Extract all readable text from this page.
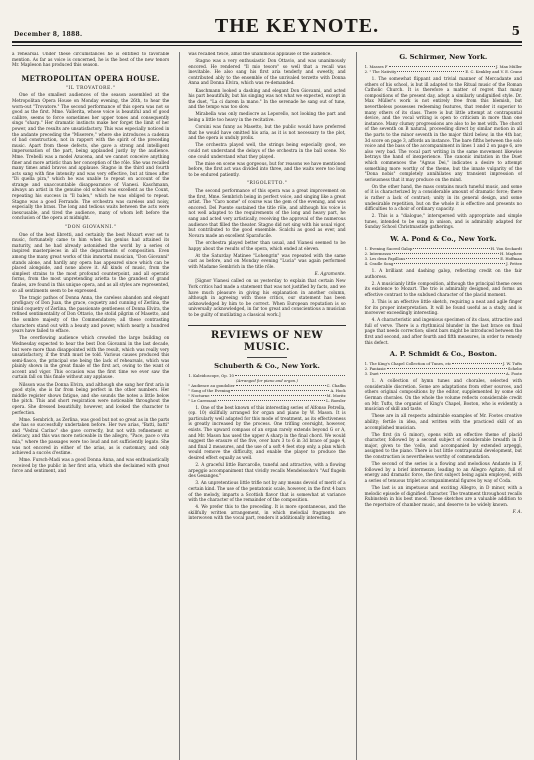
December 8, 1888.	THE KEYNOTE.	5

a rehearsal. Under these circumstances he is entitled to favorable mention. As far as voice is concerned, he is the best of the new tenors Mr. Mapleson has produced this season.

METROPOLITAN OPERA HOUSE.
"IL TROVATORE."

One of the smallest audiences of the season assembled at the Metropolitan Opera House on Monday evening, the 26th, to hear the worn-out "Trovatore." The second performance of this opera was not so good as the first. Mme. Vallerita, whose voice is beautiful and of good calibre, seems to force sometimes her upper tones and consequently sings "sharp." Her dramatic instincts make her forget the limit of her power, and the results are unsatisfactory. This was especially noticed in the andante preceding the "Miserere," where she introduces a cadenza of bad construction, not in rapport with the spirit of the preceding music. Apart from these defects, she gave a strong and intelligent impersonation of the part, being applauded justly by the audience. Mme. Trebelli was a model Azucena, and we cannot conceive anything finer and more artistic than her conception of the rôle. She was recalled many times amid bravos and applause. Stagno in the third and fourth acts sang with fine intensity and was very effective, but at times after "Di quella pira," which he was unable to repeat on account of the strange and unaccountable disappearance of Vianesi. Kaschmann, always an artist in the genuine old school was excellent as the Count, repeating his success in "Il balen," which he was obliged to repeat. Stagno was a good Ferrando. The orchestra was careless and noisy, especially the brass. The long and tedious waits between the acts were inexcusable, and tired the audience, many of whom left before the conclusion of the opera at midnight.

"DON GIOVANNI."

One of the best libretti, and certainly the best Mozart ever set to music, fortunately came to him when his genius had attained its maturity, and he had already astonished the world by a series of inspired masterpieces in all the departments of composition. Even among the many great works of this immortal musician, "Don Giovanni" stands alone, and hardly any opera has appeared since which can be placed alongside, and none above it. All kinds of music, from the simplest strains to the most profound counterpoint, and all operatic forms, from the most unpretending arietta to the grandest of grand finales, are found in this unique opera, and as all styles are represented, so all sentiments seem to be expressed.

The tragic pathos of Donna Anna, the careless abandon and elegant profligacy of Don Juan, the grace, coquetry and cunning of Zerlina, the timid coquetry of Zerlina, the passionate gentleness of Donna Elvira, the refined sentimentality of Don Ottavio, the stolid pilgrim of Masetto, and the sombre majesty of the Commendatore; all these contrasting characters stand out with a beauty and power, which nearly a hundred years have failed to efface.

The overflowing audience which crowded the large building on Wednesday expected to hear the best Don Giovanni in the last decade, but were more than disappointed with the result, which was really very unsatisfactory, if the truth must be told. Various causes produced this semi-fiasco, the principal one being the lack of rehearsals, which was plainly shown in the great finale of the first act, owing to the want of accent and vigor. This occasion was the first time we ever saw the curtain fall on this finale without any applause.

Nilsson was the Donna Elvira, and although she sang her first aria in good style, she is far from being perfect in the other numbers. Her middle register shows fatigue, and she sounds the notes a little below the pitch. This and short respiration were noticeable throughout the opera. She dressed beautifully, however, and looked the character to perfection.

Mme. Sembrich, as Zerlina, was good but not so great as in the parts she has so successfully undertaken before. Her two arias, "Batti, batti" and "Vedrai Carino" she gave correctly, but not with refinement or delicacy, and this was more noticeable in the allegro, "Pace, pace o vita mia," where the passages were too loud and not sufficiently legato. She was not encored in either of the arias, as is customary, and only achieved a succès d'estime.

Mme. Fursch-Madi was a good Donna Anna, and was enthusiastically received by the public in her first aria, which she declaimed with great force and sentiment, and

was recalled twice, amid the unanimous applause of the audience.

Stagno was a very enthusiastic Don Ottavio, and was unanimously encored. He rendered "Il mio tesoro" so well that a recall was inevitable. He also sang his first aria tenderly and sweetly, and contributed ably to the ensemble of the unrivaled terzetto with Donna Anna and Donna Elvira, which was re-demanded.

Kaschmann looked a dashing and elegant Don Giovanni, and acted his part beautifully, but his singing was not what we expected, except in the duet, "La ci darem la mano." In the serenade he sang out of tune, and the tempo was too slow.

Mirabella was only mediocre as Leporello, not looking the part and being a little too heavy in the recitative.

Corsini was funny as Masetto, but the public would have preferred that he would have omitted his aria, as it is not necessary to the plot, and the opera is unduly prolix.

The orchestra played well, the strings being especially good, we could not understand the delays of the orchestra in the ball scene. No one could understand what they played.

The mise en scene was gorgeous, but for reasons we have mentioned before, the first act was divided into three, and the waits were too long to be endured patiently.

"RIGOLETTO."

The second performance of this opera was a great improvement on the first, Mme. Sembrich being in perfect voice, and singing like a great artist. The "Caro nome" of course was the gem of the evening, and was encored. Del Puente sustained the title rôle, and although his voice is not well adapted to the requirements of the long and heavy part, he sang and acted very artistically, receiving the approval of the numerous audience that filled the theater. Stagno did not sing with his usual vigor, but contributed to the good ensemble. Scalchi as good as ever, and Novara made an excellent Sparafucile.

The orchestra played better than usual, and Vianesi seemed to be happy about the results of the opera, which ended at eleven.

At the Saturday Matinee "Lohengrin" was repeated with the same cast as before, and on Monday evening "Lucia" was again performed with Madame Sembrich in the title rôle.

E. Agramonte.

[Signor Vianesi called on us yesterday to explain that certain New York critics had made a statement that was not justified by facts, and we have much pleasure in giving his explanation in another column, although in agreeing with those critics, our statement has been acknowledged by him to be correct. When European reputation is so universally acknowledged, in far too great and conscientious a musician to be guilty of mutilating a classical work.]

REVIEWS OF NEW MUSIC.
Schuberth & Co., New York.
1. Kaleidoscope, Op. 10
(Arranged for piano and organ.)
" Audience au gondolier	C. Chaflin
" Song of the Evening	A. Hock
" Nocturne	M. Moritz
" Le Caressant	L. Roesler

1. One of the best known of this interesting series of Alfonso Petrella, (op. 10) skillfully arranged for organ and piano by W. Mason. It is particularly well adapted for this mode of treatment, as its effectiveness is greatly increased by the process. One trifling oversight, however, exists. The upward compass of an organ rarely extends beyond G or A, and Mr. Mason has used the upper A sharp in the final chord. We would suggest the erasure of the five, over bars 3 to 6 in 3d brace of page 4, and final 2 measures, and the use of a soft 4 feet stop only, a plan which would remove the difficulty, and enable the player to produce the desired effect equally as well.

2. A graceful little Barcarolle, tuneful and attractive, with a flowing arpeggio accompaniment that vividly recalls Mendelssohn's "Auf flugeln des Gesanges."

3. An unpretentious little trifle not by any means devoid of merit of a certain kind. The use of the pentatonic scale, however, in the first 4 bars of the melody, imparts a Scottish flavor that is somewhat at variance with the character of the remainder of the composition.

4. We prefer this to the preceding. It is more spontaneous, and the skillfully written arrangement, in which melodial fragments are interwoven with the vocal part, renders it additionally interesting.

G. Schirmer, New York.
1. Masses F	J. Max Müller
2. " The Nativity	E. C. Kenkley and V. E. Crane

1. The somewhat flippant and trivial manner of Mercadante and others of his school, is but ill adapted to the Ritual music of the Roman Catholic Church. It is therefore a matter of regret that many compositions of the present day, adopt a similarly undignified style. Dr. Max Müller's work is not entirely free from this blemish, but nevertheless possesses redeeming features, that render it superior to many others of its class. There is but little attempt at contrapuntal device, and the vocal writing is open to criticism in more than one instance. Many clumsy progressions are also to be met with. The chord of the seventh on B natural, proceeding direct by similar motion in all the parts to the minor seventh in the major third below, in the 4th bar, 3d score on page 3, affords an instance. The bare fifths between the solo voice and the bass of the accompaniment in lines 1 and 2 on page 6, are also very bad. The vocal part writing in the same movement likewise betrays the hand of inexperience. The canonic imitation in the Duet which commences the "Agnus Dei," indicates a desire to attempt something more worthy of the theme, but the innate vulgarity of the "Dona nobis" completely annihilates any transient impression of seriousness that it may produce on the mind.

On the other hand, the mass contains much tuneful music, and some of it is characterized by a considerable amount of dramatic force; there is rather a lack of contrast; unity in its general design, and some undesirable repetition, but on the whole it is effective and presents no difficulties to a choir of ordinary capacity.

2. This is a "dialogue," interspersed with appropriate and simple tunes, intended to be sung in unison, and is admirably adapted for Sunday School Christmastide gatherings.

W. A. Pond & Co., New York.
1. Evening Sacred Galop	H. Von Seckardt
2. Intermezzo	H. Mayhew
3. Les deux Papillons	E. Hoffman
4. Cradle Song	J. Pettee

1. A brilliant and dashing galop, reflecting credit on the fair authoress.

2. A musicianly little composition, although the principal theme owes its existence to Mozart. The trio is admirably designed, and forms an effective contrast to the subdued character of the placid moment.

3. This is an effective little sketch, requiring a neat and agile finger for its proper interpretation. It will be found useful as a study, and is moreover exceedingly interesting.

4. A characteristic and ingenious specimen of its class, attractive and full of verve. There is a rhythmical blunder in the last brace on final page that needs correction; silent bars might be introduced between the first and second, and after fourth and fifth measures, in order to remedy this defect.

A. P. Schmidt & Co., Boston.
1. The King's Chapel Collection of Tunes, etc	J. W. Tufts
2. Fantasie	Schebe
3. Duet	A. Foote

1. A collection of hymn tunes and chorales, selected with considerable discretion. Some are adaptations from other sources, and others original compositions by the editor, supplemented by some old German chorales. On the whole the volume reflects considerable credit on Mr. Tufts, the organist of King's Chapel, Boston, who is evidently a musician of skill and taste.

These are in all respects admirable examples of Mr. Footes creative ability; fertile in idea, and written with the practiced skill of an accomplished musician.

The first (in G minor), opens with an effective theme of placid character, followed by a second subject of considerable breadth in D major, given to the 'cello, and accompanied by extended arpeggi, assigned to the piano. There is but little contrapuntal development, but the construction is nevertheless worthy of commendation.

The second of the series is a flowing and melodious Andante in F, followed by a brief intermezzo, leading to an Allegro Agitato, full of energy and dramatic force, the first subject being again employed, with a series of tenuous triplet accompanimental figures by way of Coda.

The last is an impetuous and exciting Allegro, in D minor, with a melodic episode of dignified character. The treatment throughout recalls Rubinstein in his best mood. These sketches are a valuable addition to the repertoire of chamber music, and deserve to be widely known.

F. A.
